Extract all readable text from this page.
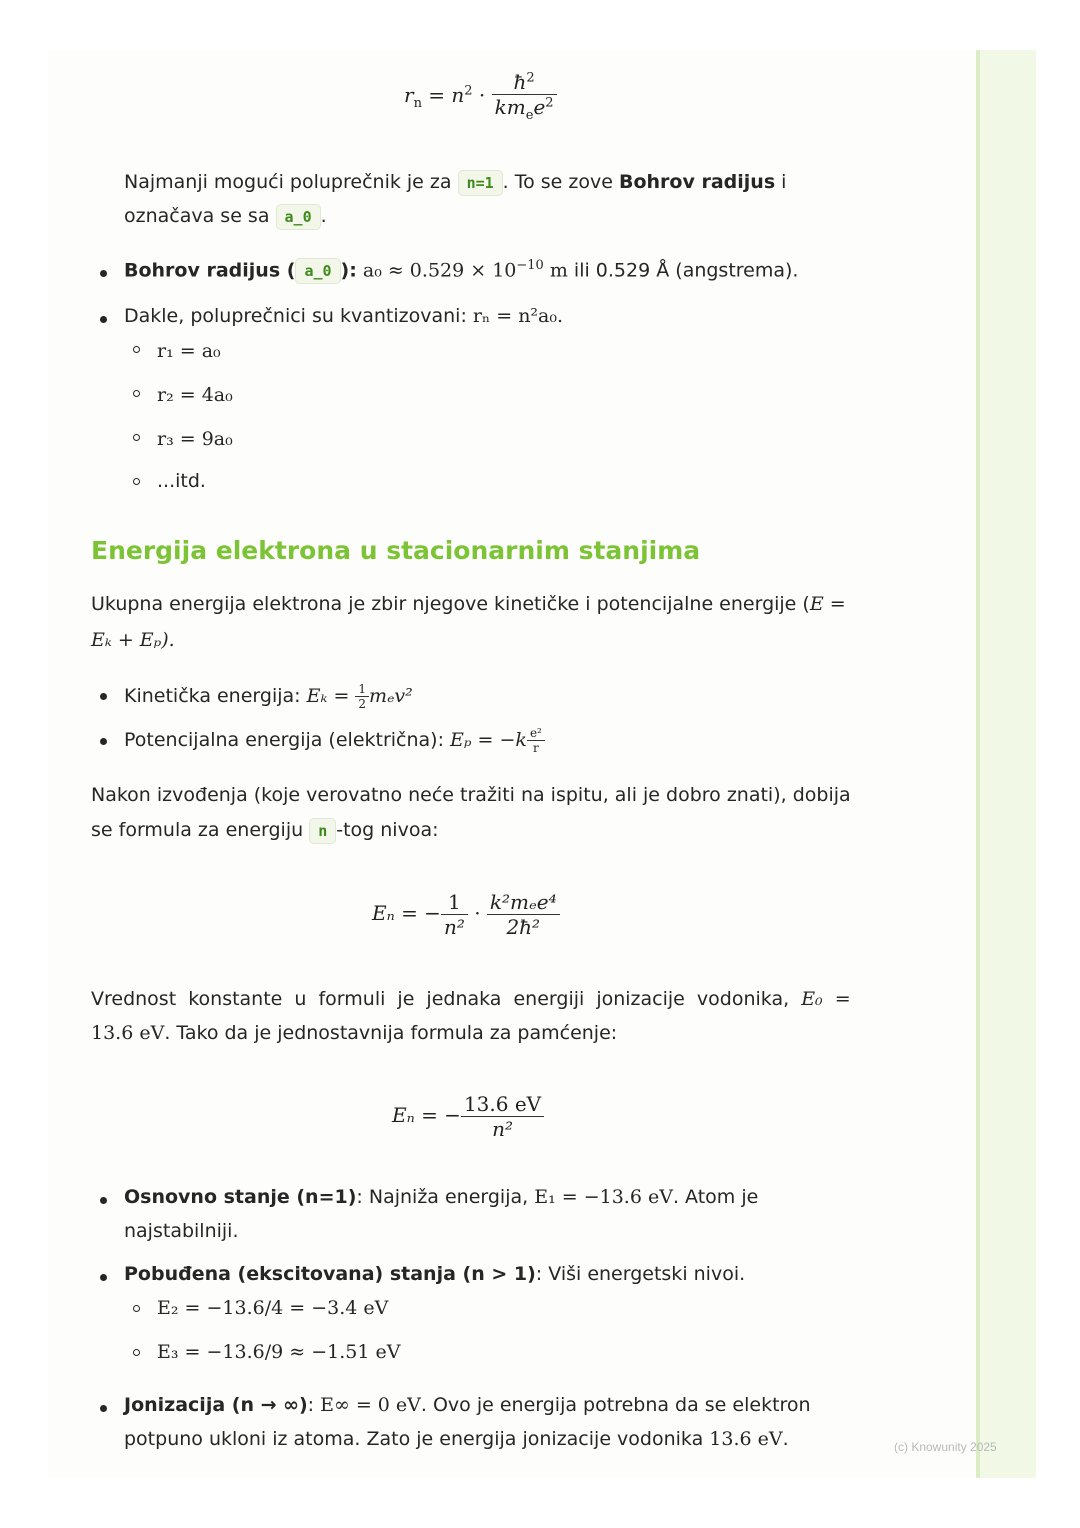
$r_n = n^2 \cdot \frac{ħ^2}{km_ee^2}$
Najmanji mogući poluprečnik je za n=1 . To se zove Bohrov radijus i
označava se sa a_0 .
Bohrov radijus ( a_0 ): $a_0 \approx 0.529 \times 10^{-10}$ m ili 0.529 Å (angstrema).
Dakle, poluprečnici su kvantizovani: rₙ = n²a₀.
r₁ = a₀
r₂ = 4a₀
r₃ = 9a₀
...itd.
Energija elektrona u stacionarnim stanjima
Ukupna energija elektrona je zbir njegove kinetičke i potencijalne energije (E =
Eₖ + Eₚ).
Kinetička energija: $E_k = \frac{1}{2} m_ev^2$
Potencijalna energija (električna): $E_p = -k \frac{\text{e²}}{r}$
Nakon izvođenja (koje verovatno neće tražiti na ispitu, ali je dobro znati), dobija
se formula za energiju n -tog nivoa:
Eₙ = − $\frac{1}{\text{n²}} \cdot \frac{\text{k²mₑe⁴}}{\text{2ħ²}}$
Vrednost konstante u formuli je jednaka energiji jonizacije vodonika, E₀ =
13.6 eV. Tako da je jednostavnija formula za pamćenje:
Eₙ = − $\frac{13.6 eV}{\text{n²}}$
Osnovno stanje (n=1): Najniža energija, E₁ = −13.6 eV. Atom je
najstabilniji.
Pobuđena (ekscitovana) stanja (n > 1): Viši energetski nivoi.
E₂ = −13.6/4 = −3.4 eV
E₃ = −13.6/9 ≈ −1.51 eV
Jonizacija (n → ∞): E∞ = 0 eV. Ovo je energija potrebna da se elektron
potpuno ukloni iz atoma. Zato je energija jonizacije vodonika 13.6 eV.	(c) Knowunity 2025
